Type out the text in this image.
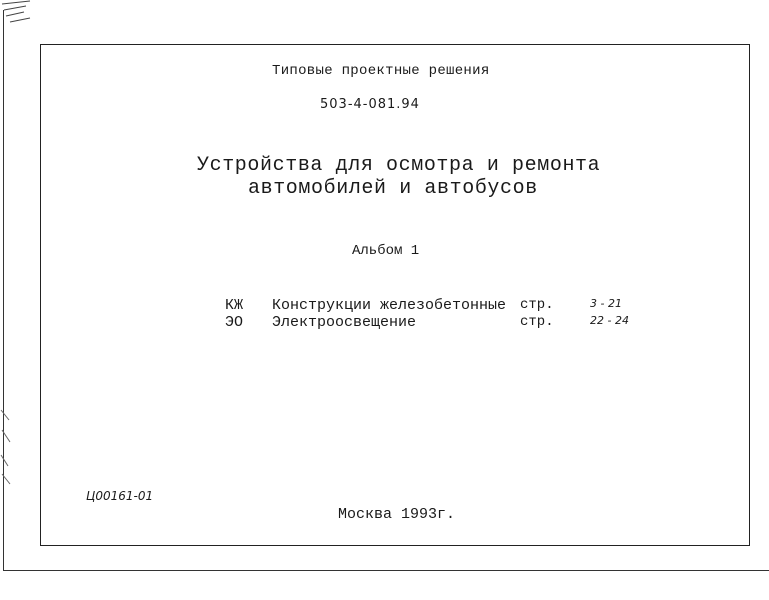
Типовые проектные решения
503-4-081.94
Устройства для осмотра и ремонта
автомобилей и автобусов
Альбом 1
КЖ Конструкции железобетонные стр.	3 - 21
ЭО Электроосвещение	стр.	22 - 24
Ц00161-01
Москва 1993г.
